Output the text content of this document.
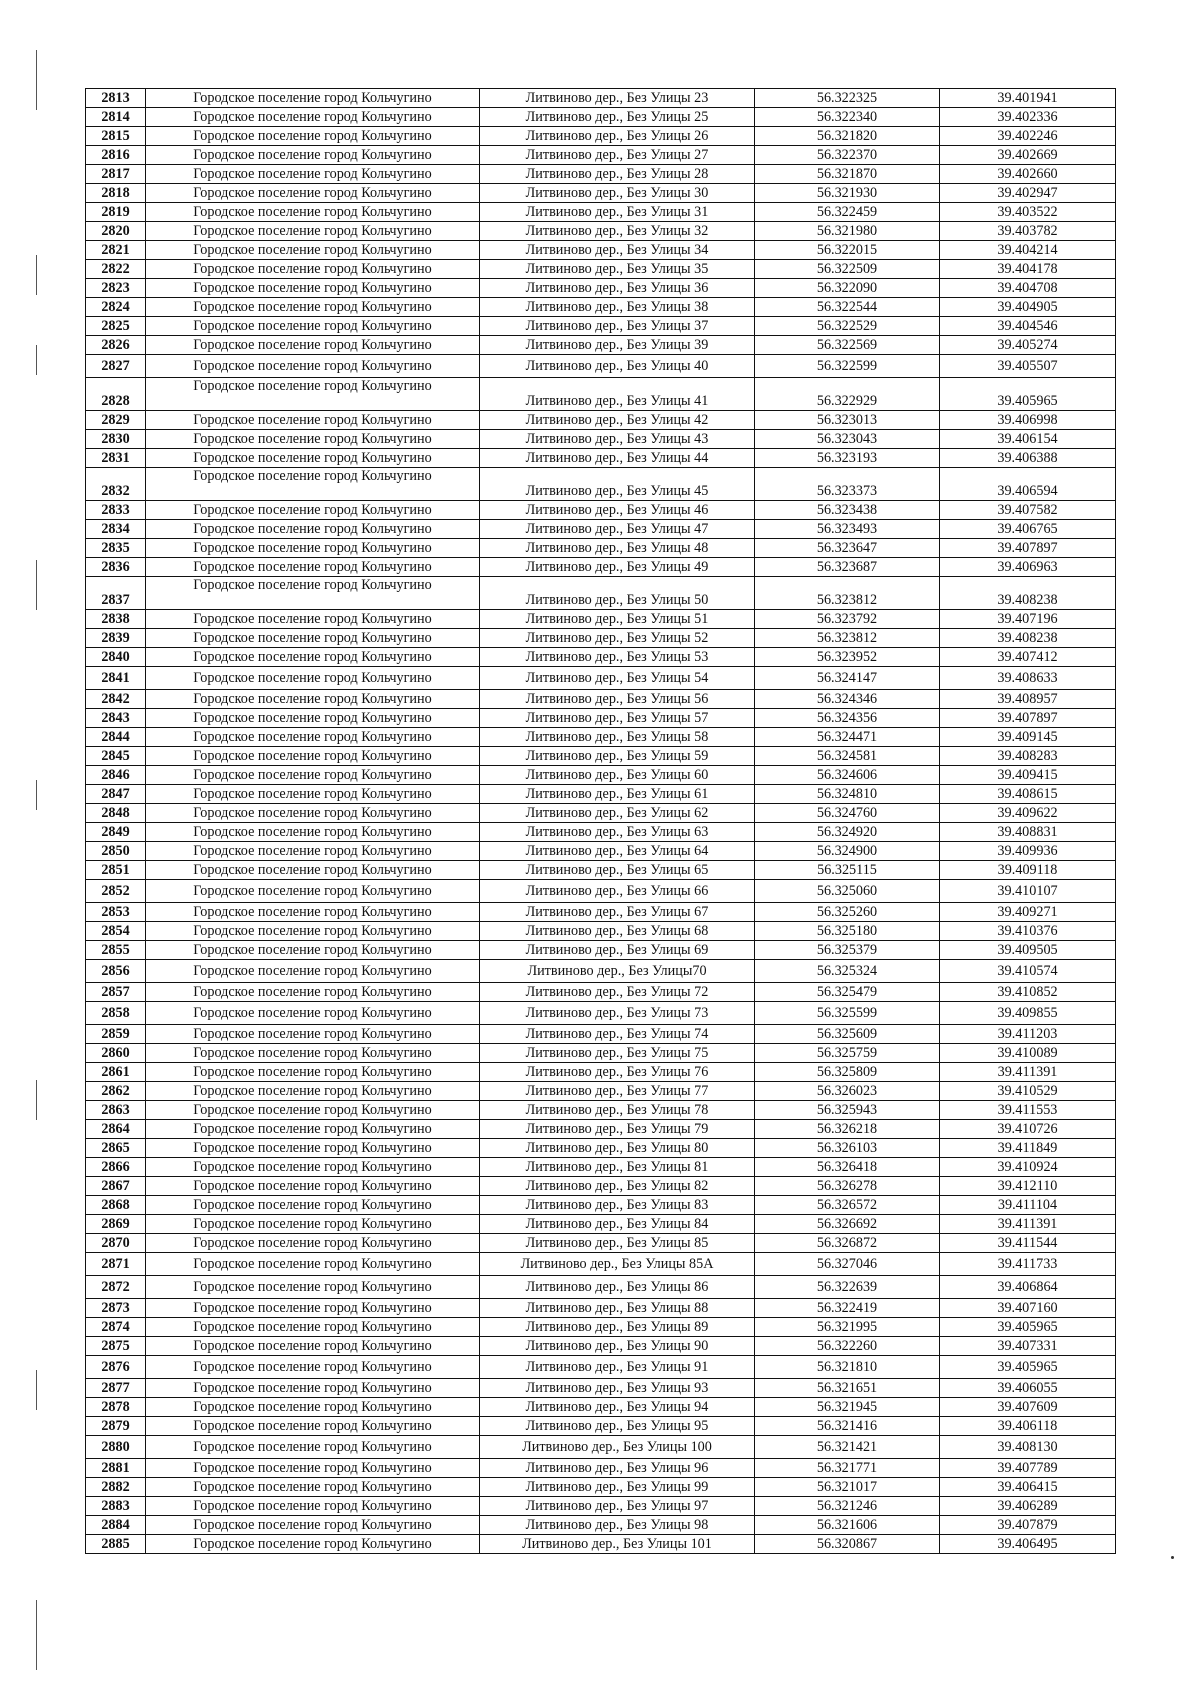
2813	Городское поселение город Кольчугино	Литвиново дер., Без Улицы 23	56.322325	39.401941
2814	Городское поселение город Кольчугино	Литвиново дер., Без Улицы 25	56.322340	39.402336
2815	Городское поселение город Кольчугино	Литвиново дер., Без Улицы 26	56.321820	39.402246
2816	Городское поселение город Кольчугино	Литвиново дер., Без Улицы 27	56.322370	39.402669
2817	Городское поселение город Кольчугино	Литвиново дер., Без Улицы 28	56.321870	39.402660
2818	Городское поселение город Кольчугино	Литвиново дер., Без Улицы 30	56.321930	39.402947
2819	Городское поселение город Кольчугино	Литвиново дер., Без Улицы 31	56.322459	39.403522
2820	Городское поселение город Кольчугино	Литвиново дер., Без Улицы 32	56.321980	39.403782
2821	Городское поселение город Кольчугино	Литвиново дер., Без Улицы 34	56.322015	39.404214
2822	Городское поселение город Кольчугино	Литвиново дер., Без Улицы 35	56.322509	39.404178
2823	Городское поселение город Кольчугино	Литвиново дер., Без Улицы 36	56.322090	39.404708
2824	Городское поселение город Кольчугино	Литвиново дер., Без Улицы 38	56.322544	39.404905
2825	Городское поселение город Кольчугино	Литвиново дер., Без Улицы 37	56.322529	39.404546
2826	Городское поселение город Кольчугино	Литвиново дер., Без Улицы 39	56.322569	39.405274
2827	Городское поселение город Кольчугино	Литвиново дер., Без Улицы 40	56.322599	39.405507
2828	Городское поселение город Кольчугино	Литвиново дер., Без Улицы 41	56.322929	39.405965
2829	Городское поселение город Кольчугино	Литвиново дер., Без Улицы 42	56.323013	39.406998
2830	Городское поселение город Кольчугино	Литвиново дер., Без Улицы 43	56.323043	39.406154
2831	Городское поселение город Кольчугино	Литвиново дер., Без Улицы 44	56.323193	39.406388
2832	Городское поселение город Кольчугино	Литвиново дер., Без Улицы 45	56.323373	39.406594
2833	Городское поселение город Кольчугино	Литвиново дер., Без Улицы 46	56.323438	39.407582
2834	Городское поселение город Кольчугино	Литвиново дер., Без Улицы 47	56.323493	39.406765
2835	Городское поселение город Кольчугино	Литвиново дер., Без Улицы 48	56.323647	39.407897
2836	Городское поселение город Кольчугино	Литвиново дер., Без Улицы 49	56.323687	39.406963
2837	Городское поселение город Кольчугино	Литвиново дер., Без Улицы 50	56.323812	39.408238
2838	Городское поселение город Кольчугино	Литвиново дер., Без Улицы 51	56.323792	39.407196
2839	Городское поселение город Кольчугино	Литвиново дер., Без Улицы 52	56.323812	39.408238
2840	Городское поселение город Кольчугино	Литвиново дер., Без Улицы 53	56.323952	39.407412
2841	Городское поселение город Кольчугино	Литвиново дер., Без Улицы 54	56.324147	39.408633
2842	Городское поселение город Кольчугино	Литвиново дер., Без Улицы 56	56.324346	39.408957
2843	Городское поселение город Кольчугино	Литвиново дер., Без Улицы 57	56.324356	39.407897
2844	Городское поселение город Кольчугино	Литвиново дер., Без Улицы 58	56.324471	39.409145
2845	Городское поселение город Кольчугино	Литвиново дер., Без Улицы 59	56.324581	39.408283
2846	Городское поселение город Кольчугино	Литвиново дер., Без Улицы 60	56.324606	39.409415
2847	Городское поселение город Кольчугино	Литвиново дер., Без Улицы 61	56.324810	39.408615
2848	Городское поселение город Кольчугино	Литвиново дер., Без Улицы 62	56.324760	39.409622
2849	Городское поселение город Кольчугино	Литвиново дер., Без Улицы 63	56.324920	39.408831
2850	Городское поселение город Кольчугино	Литвиново дер., Без Улицы 64	56.324900	39.409936
2851	Городское поселение город Кольчугино	Литвиново дер., Без Улицы 65	56.325115	39.409118
2852	Городское поселение город Кольчугино	Литвиново дер., Без Улицы 66	56.325060	39.410107
2853	Городское поселение город Кольчугино	Литвиново дер., Без Улицы 67	56.325260	39.409271
2854	Городское поселение город Кольчугино	Литвиново дер., Без Улицы 68	56.325180	39.410376
2855	Городское поселение город Кольчугино	Литвиново дер., Без Улицы 69	56.325379	39.409505
2856	Городское поселение город Кольчугино	Литвиново дер., Без Улицы70	56.325324	39.410574
2857	Городское поселение город Кольчугино	Литвиново дер., Без Улицы 72	56.325479	39.410852
2858	Городское поселение город Кольчугино	Литвиново дер., Без Улицы 73	56.325599	39.409855
2859	Городское поселение город Кольчугино	Литвиново дер., Без Улицы 74	56.325609	39.411203
2860	Городское поселение город Кольчугино	Литвиново дер., Без Улицы 75	56.325759	39.410089
2861	Городское поселение город Кольчугино	Литвиново дер., Без Улицы 76	56.325809	39.411391
2862	Городское поселение город Кольчугино	Литвиново дер., Без Улицы 77	56.326023	39.410529
2863	Городское поселение город Кольчугино	Литвиново дер., Без Улицы 78	56.325943	39.411553
2864	Городское поселение город Кольчугино	Литвиново дер., Без Улицы 79	56.326218	39.410726
2865	Городское поселение город Кольчугино	Литвиново дер., Без Улицы 80	56.326103	39.411849
2866	Городское поселение город Кольчугино	Литвиново дер., Без Улицы 81	56.326418	39.410924
2867	Городское поселение город Кольчугино	Литвиново дер., Без Улицы 82	56.326278	39.412110
2868	Городское поселение город Кольчугино	Литвиново дер., Без Улицы 83	56.326572	39.411104
2869	Городское поселение город Кольчугино	Литвиново дер., Без Улицы 84	56.326692	39.411391
2870	Городское поселение город Кольчугино	Литвиново дер., Без Улицы 85	56.326872	39.411544
2871	Городское поселение город Кольчугино	Литвиново дер., Без Улицы 85А	56.327046	39.411733
2872	Городское поселение город Кольчугино	Литвиново дер., Без Улицы 86	56.322639	39.406864
2873	Городское поселение город Кольчугино	Литвиново дер., Без Улицы 88	56.322419	39.407160
2874	Городское поселение город Кольчугино	Литвиново дер., Без Улицы 89	56.321995	39.405965
2875	Городское поселение город Кольчугино	Литвиново дер., Без Улицы 90	56.322260	39.407331
2876	Городское поселение город Кольчугино	Литвиново дер., Без Улицы 91	56.321810	39.405965
2877	Городское поселение город Кольчугино	Литвиново дер., Без Улицы 93	56.321651	39.406055
2878	Городское поселение город Кольчугино	Литвиново дер., Без Улицы 94	56.321945	39.407609
2879	Городское поселение город Кольчугино	Литвиново дер., Без Улицы 95	56.321416	39.406118
2880	Городское поселение город Кольчугино	Литвиново дер., Без Улицы 100	56.321421	39.408130
2881	Городское поселение город Кольчугино	Литвиново дер., Без Улицы 96	56.321771	39.407789
2882	Городское поселение город Кольчугино	Литвиново дер., Без Улицы 99	56.321017	39.406415
2883	Городское поселение город Кольчугино	Литвиново дер., Без Улицы 97	56.321246	39.406289
2884	Городское поселение город Кольчугино	Литвиново дер., Без Улицы 98	56.321606	39.407879
2885	Городское поселение город Кольчугино	Литвиново дер., Без Улицы 101	56.320867	39.406495
